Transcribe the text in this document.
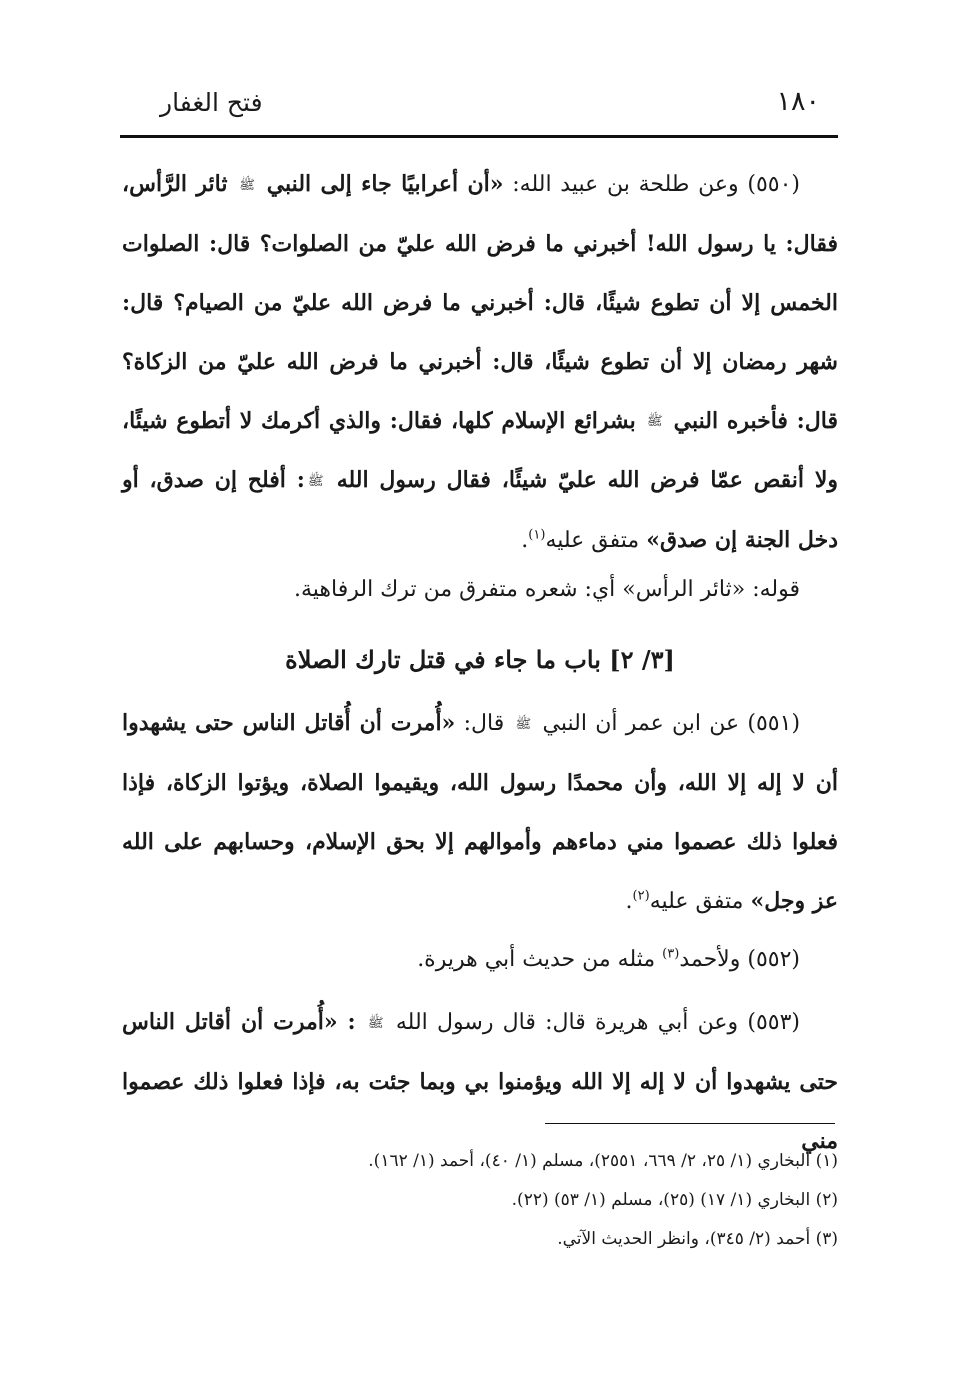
فتح الغفار	١٨٠
(٥٥٠) وعن طلحة بن عبيد الله: «أن أعرابيًا جاء إلى النبي ﷺ ثائر الرَّأس، فقال: يا رسول الله! أخبرني ما فرض الله عليّ من الصلوات؟ قال: الصلوات الخمس إلا أن تطوع شيئًا، قال: أخبرني ما فرض الله عليّ من الصيام؟ قال: شهر رمضان إلا أن تطوع شيئًا، قال: أخبرني ما فرض الله عليّ من الزكاة؟ قال: فأخبره النبي ﷺ بشرائع الإسلام كلها، فقال: والذي أكرمك لا أتطوع شيئًا، ولا أنقص عمّا فرض الله عليّ شيئًا، فقال رسول الله ﷺ: أفلح إن صدق، أو دخل الجنة إن صدق» متفق عليه$^{(١)}$.
قوله: «ثائر الرأس» أي: شعره متفرق من ترك الرفاهية.
[٣/ ٢] باب ما جاء في قتل تارك الصلاة
(٥٥١) عن ابن عمر أن النبي ﷺ قال: «أُمرت أن أُقاتل الناس حتى يشهدوا أن لا إله إلا الله، وأن محمدًا رسول الله، ويقيموا الصلاة، ويؤتوا الزكاة، فإذا فعلوا ذلك عصموا مني دماءهم وأموالهم إلا بحق الإسلام، وحسابهم على الله عز وجل» متفق عليه$^{(٢)}$.
(٥٥٢) ولأحمد$^{(٣)}$ مثله من حديث أبي هريرة.
(٥٥٣) وعن أبي هريرة قال: قال رسول الله ﷺ : «أُمرت أن أقاتل الناس حتى يشهدوا أن لا إله إلا الله ويؤمنوا بي وبما جئت به، فإذا فعلوا ذلك عصموا مني
(١) البخاري (١/ ٢٥، ٢/ ٦٦٩، ٢٥٥١)، مسلم (١/ ٤٠)، أحمد (١/ ١٦٢).
(٢) البخاري (١/ ١٧) (٢٥)، مسلم (١/ ٥٣) (٢٢).
(٣) أحمد (٢/ ٣٤٥)، وانظر الحديث الآتي.
